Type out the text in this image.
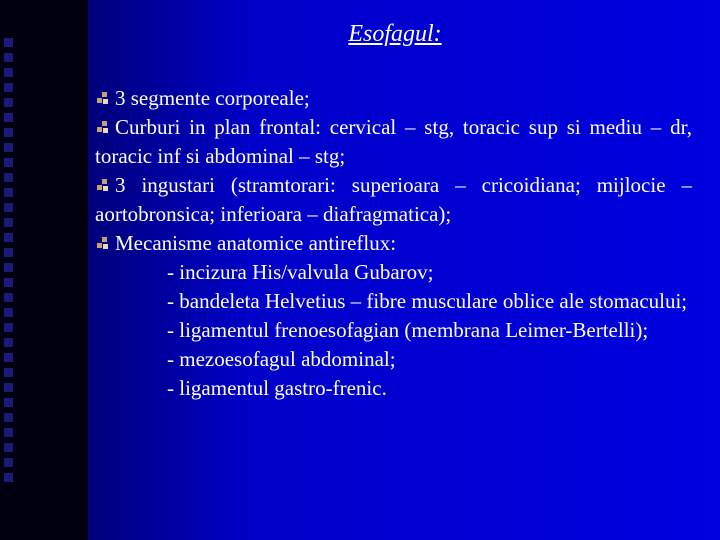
Esofagul:

3 segmente corporeale;

Curburi in plan frontal: cervical – stg, toracic sup si mediu – dr, toracic inf si abdominal – stg;

3 ingustari (stramtorari: superioara – cricoidiana; mijlocie – aortobronsica; inferioara – diafragmatica);

Mecanisme anatomice antireflux:

- incizura His/valvula Gubarov;

- bandeleta Helvetius – fibre musculare oblice ale stomacului;

- ligamentul frenoesofagian (membrana Leimer-Bertelli);

- mezoesofagul abdominal;

- ligamentul gastro-frenic.
